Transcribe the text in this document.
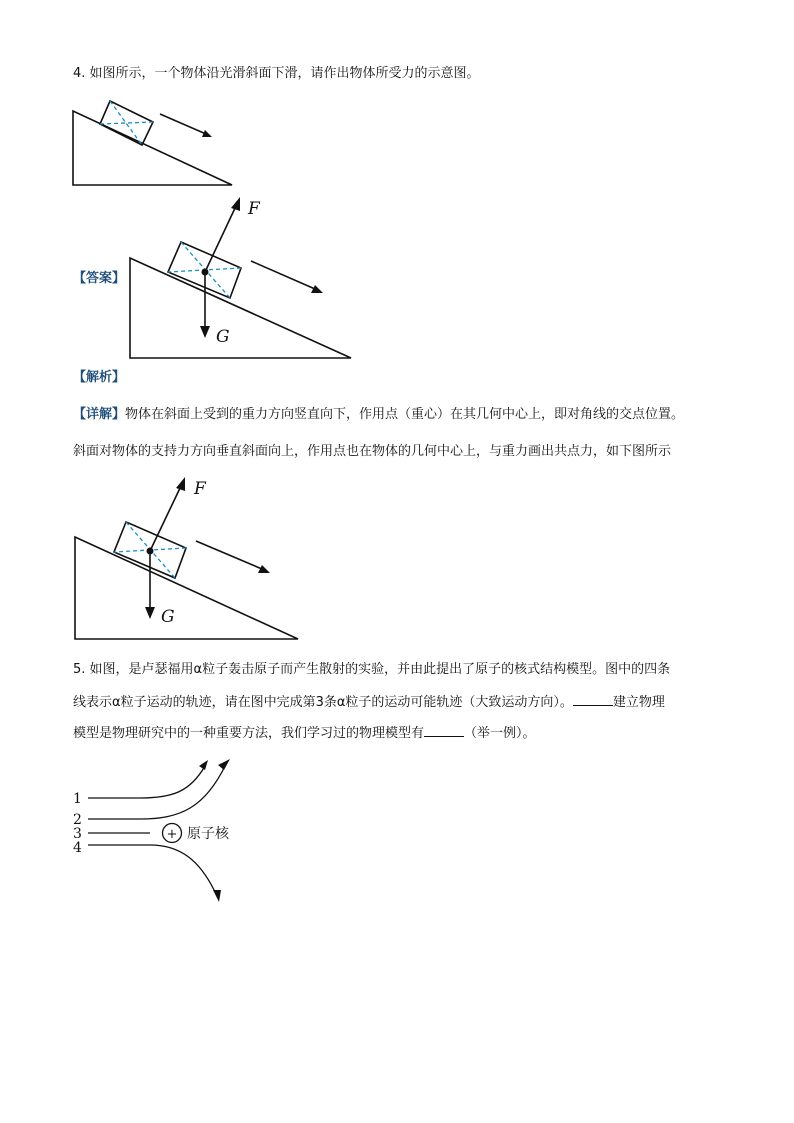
4. 如图所示，一个物体沿光滑斜面下滑，请作出物体所受力的示意图。
【答案】
F
G
【解析】
【详解】物体在斜面上受到的重力方向竖直向下，作用点（重心）在其几何中心上，即对角线的交点位置。
斜面对物体的支持力方向垂直斜面向上，作用点也在物体的几何中心上，与重力画出共点力，如下图所示
F
G
5. 如图，是卢瑟福用α粒子轰击原子而产生散射的实验，并由此提出了原子的核式结构模型。图中的四条
线表示α粒子运动的轨迹，请在图中完成第3条α粒子的运动可能轨迹（大致运动方向）。	建立物理
模型是物理研究中的一种重要方法，我们学习过的物理模型有	（举一例）。
1
2
3
4
+ 原子核
